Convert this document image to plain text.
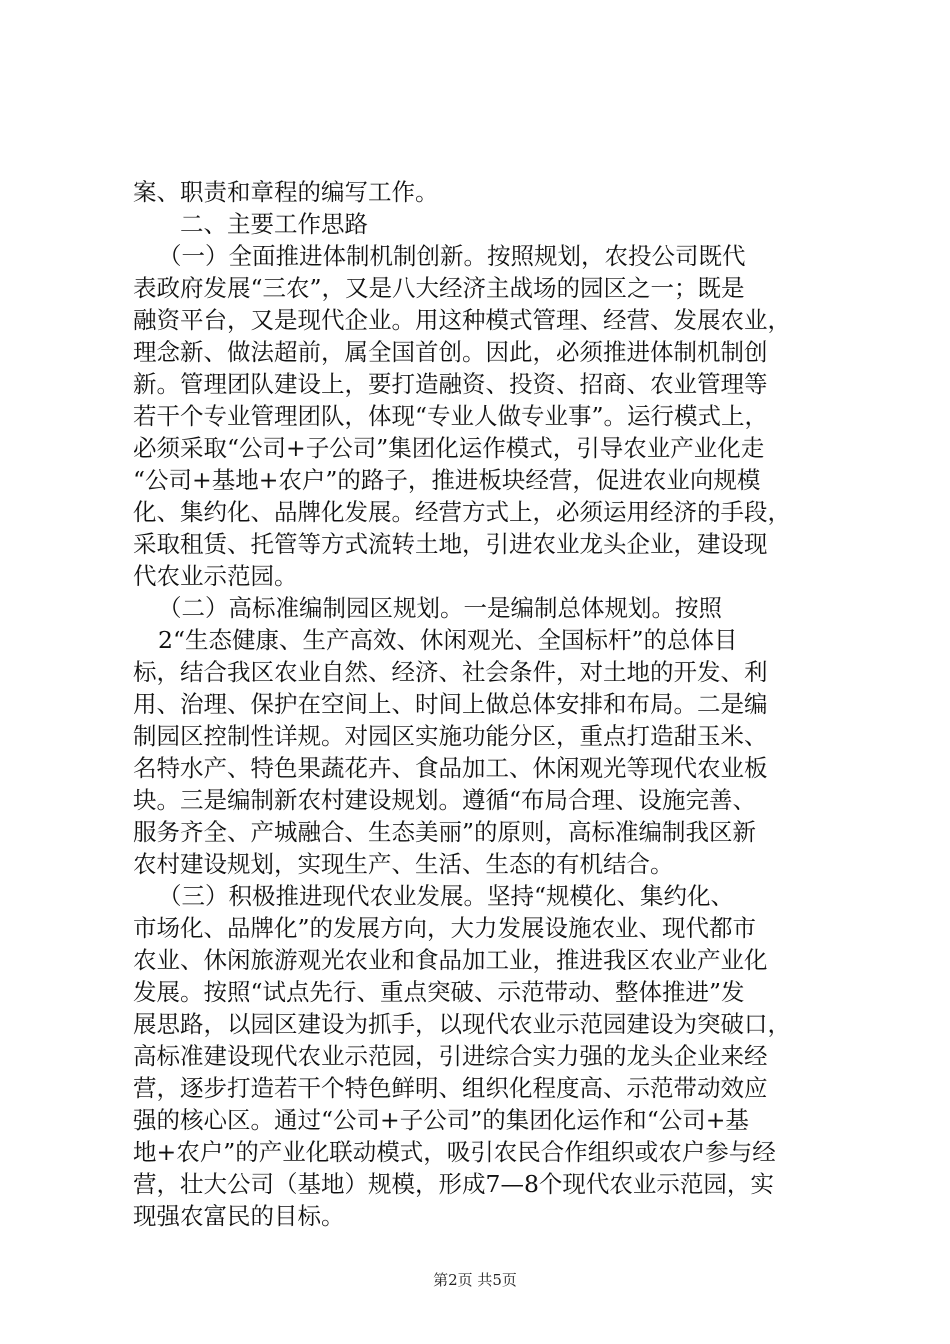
案、职责和章程的编写工作。
二、主要工作思路
（一）全面推进体制机制创新。按照规划，农投公司既代
表政府发展“三农”，又是八大经济主战场的园区之一；既是
融资平台，又是现代企业。用这种模式管理、经营、发展农业，
理念新、做法超前，属全国首创。因此，必须推进体制机制创
新。管理团队建设上，要打造融资、投资、招商、农业管理等
若干个专业管理团队，体现“专业人做专业事”。运行模式上，
必须采取“公司+子公司”集团化运作模式，引导农业产业化走
“公司+基地+农户”的路子，推进板块经营，促进农业向规模
化、集约化、品牌化发展。经营方式上，必须运用经济的手段，
采取租赁、托管等方式流转土地，引进农业龙头企业，建设现
代农业示范园。
（二）高标准编制园区规划。一是编制总体规划。按照
2“生态健康、生产高效、休闲观光、全国标杆”的总体目
标，结合我区农业自然、经济、社会条件，对土地的开发、利
用、治理、保护在空间上、时间上做总体安排和布局。二是编
制园区控制性详规。对园区实施功能分区，重点打造甜玉米、
名特水产、特色果蔬花卉、食品加工、休闲观光等现代农业板
块。三是编制新农村建设规划。遵循“布局合理、设施完善、
服务齐全、产城融合、生态美丽”的原则，高标准编制我区新
农村建设规划，实现生产、生活、生态的有机结合。
（三）积极推进现代农业发展。坚持“规模化、集约化、
市场化、品牌化”的发展方向，大力发展设施农业、现代都市
农业、休闲旅游观光农业和食品加工业，推进我区农业产业化
发展。按照“试点先行、重点突破、示范带动、整体推进”发
展思路，以园区建设为抓手，以现代农业示范园建设为突破口，
高标准建设现代农业示范园，引进综合实力强的龙头企业来经
营，逐步打造若干个特色鲜明、组织化程度高、示范带动效应
强的核心区。通过“公司+子公司”的集团化运作和“公司+基
地+农户”的产业化联动模式，吸引农民合作组织或农户参与经
营，壮大公司（基地）规模，形成7—8个现代农业示范园，实
现强农富民的目标。
第2页 共5页
